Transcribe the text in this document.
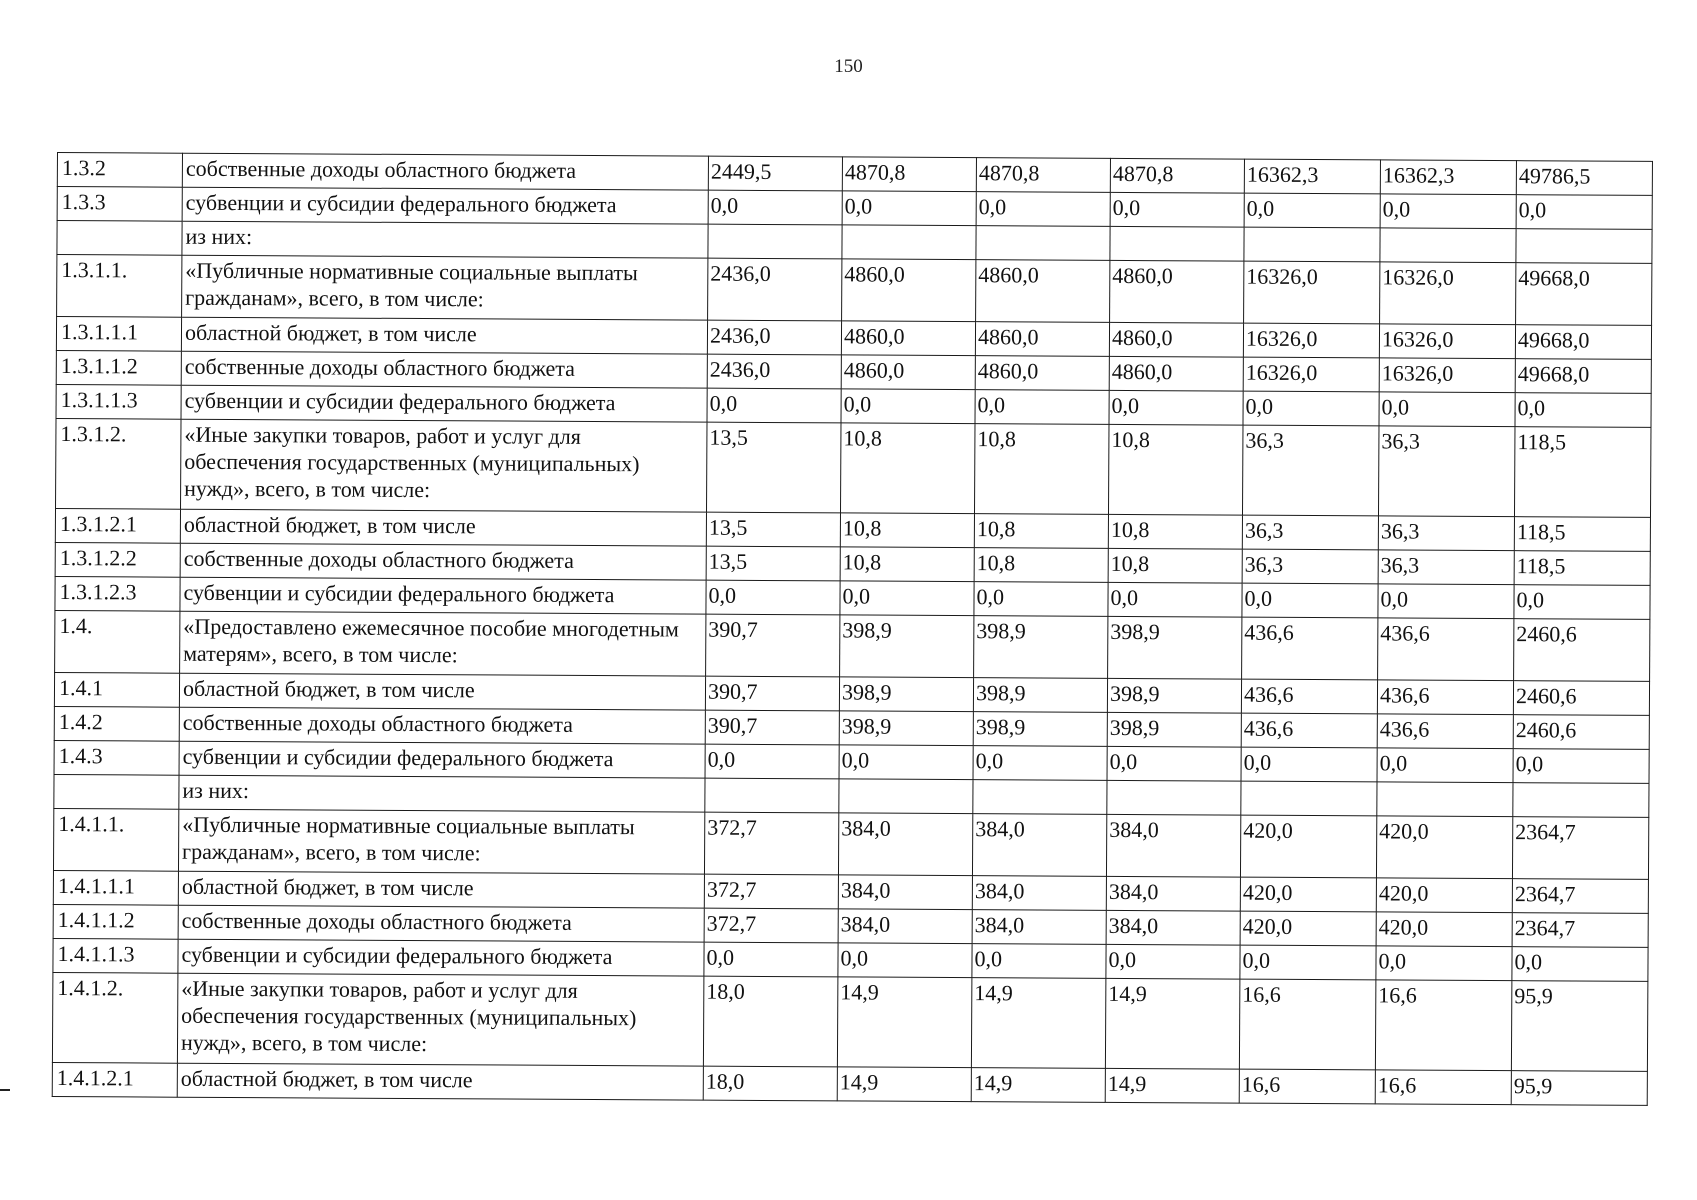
150
1.3.2	собственные доходы областного бюджета	2449,5	4870,8	4870,8	4870,8	16362,3	16362,3	49786,5
1.3.3	субвенции и субсидии федерального бюджета	0,0	0,0	0,0	0,0	0,0	0,0	0,0
	из них:							
1.3.1.1.	«Публичные нормативные социальные выплаты гражданам», всего, в том числе:	2436,0	4860,0	4860,0	4860,0	16326,0	16326,0	49668,0
1.3.1.1.1	областной бюджет, в том числе	2436,0	4860,0	4860,0	4860,0	16326,0	16326,0	49668,0
1.3.1.1.2	собственные доходы областного бюджета	2436,0	4860,0	4860,0	4860,0	16326,0	16326,0	49668,0
1.3.1.1.3	субвенции и субсидии федерального бюджета	0,0	0,0	0,0	0,0	0,0	0,0	0,0
1.3.1.2.	«Иные закупки товаров, работ и услуг для обеспечения государственных (муниципальных) нужд», всего, в том числе:	13,5	10,8	10,8	10,8	36,3	36,3	118,5
1.3.1.2.1	областной бюджет, в том числе	13,5	10,8	10,8	10,8	36,3	36,3	118,5
1.3.1.2.2	собственные доходы областного бюджета	13,5	10,8	10,8	10,8	36,3	36,3	118,5
1.3.1.2.3	субвенции и субсидии федерального бюджета	0,0	0,0	0,0	0,0	0,0	0,0	0,0
1.4.	«Предоставлено ежемесячное пособие многодетным матерям», всего, в том числе:	390,7	398,9	398,9	398,9	436,6	436,6	2460,6
1.4.1	областной бюджет, в том числе	390,7	398,9	398,9	398,9	436,6	436,6	2460,6
1.4.2	собственные доходы областного бюджета	390,7	398,9	398,9	398,9	436,6	436,6	2460,6
1.4.3	субвенции и субсидии федерального бюджета	0,0	0,0	0,0	0,0	0,0	0,0	0,0
	из них:							
1.4.1.1.	«Публичные нормативные социальные выплаты гражданам», всего, в том числе:	372,7	384,0	384,0	384,0	420,0	420,0	2364,7
1.4.1.1.1	областной бюджет, в том числе	372,7	384,0	384,0	384,0	420,0	420,0	2364,7
1.4.1.1.2	собственные доходы областного бюджета	372,7	384,0	384,0	384,0	420,0	420,0	2364,7
1.4.1.1.3	субвенции и субсидии федерального бюджета	0,0	0,0	0,0	0,0	0,0	0,0	0,0
1.4.1.2.	«Иные закупки товаров, работ и услуг для обеспечения государственных (муниципальных) нужд», всего, в том числе:	18,0	14,9	14,9	14,9	16,6	16,6	95,9
1.4.1.2.1	областной бюджет, в том числе	18,0	14,9	14,9	14,9	16,6	16,6	95,9
